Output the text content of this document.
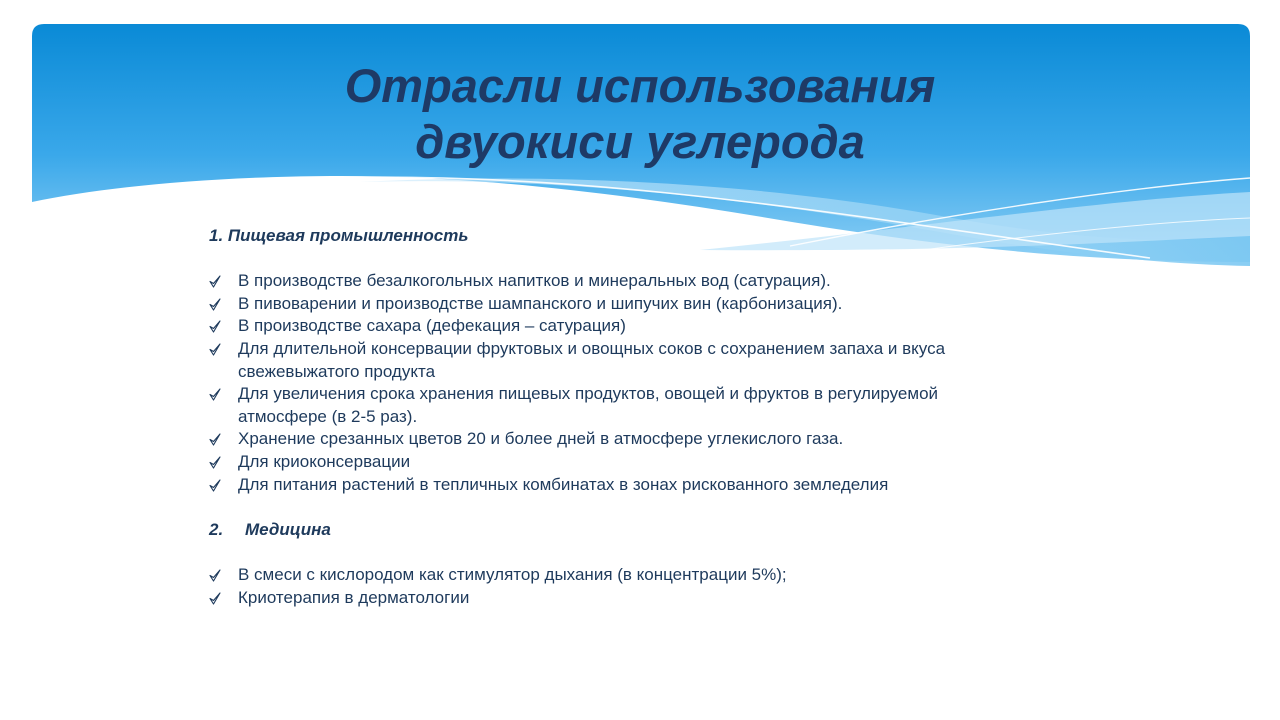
Отрасли использования
двуокиси углерода
1. Пищевая промышленность
В производстве безалкогольных напитков и минеральных вод (сатурация).
В пивоварении и производстве шампанского и шипучих вин (карбонизация).
В производстве сахара (дефекация – сатурация)
Для длительной консервации фруктовых и овощных соков с сохранением запаха и вкуса свежевыжатого продукта
Для увеличения срока хранения пищевых продуктов, овощей и фруктов в регулируемой атмосфере (в 2-5 раз).
Хранение срезанных цветов 20 и более дней в атмосфере углекислого газа.
Для криоконсервации
Для питания растений в тепличных комбинатах в зонах рискованного земледелия
2. Медицина
В смеси с кислородом как стимулятор дыхания (в концентрации 5%);
Криотерапия в дерматологии
